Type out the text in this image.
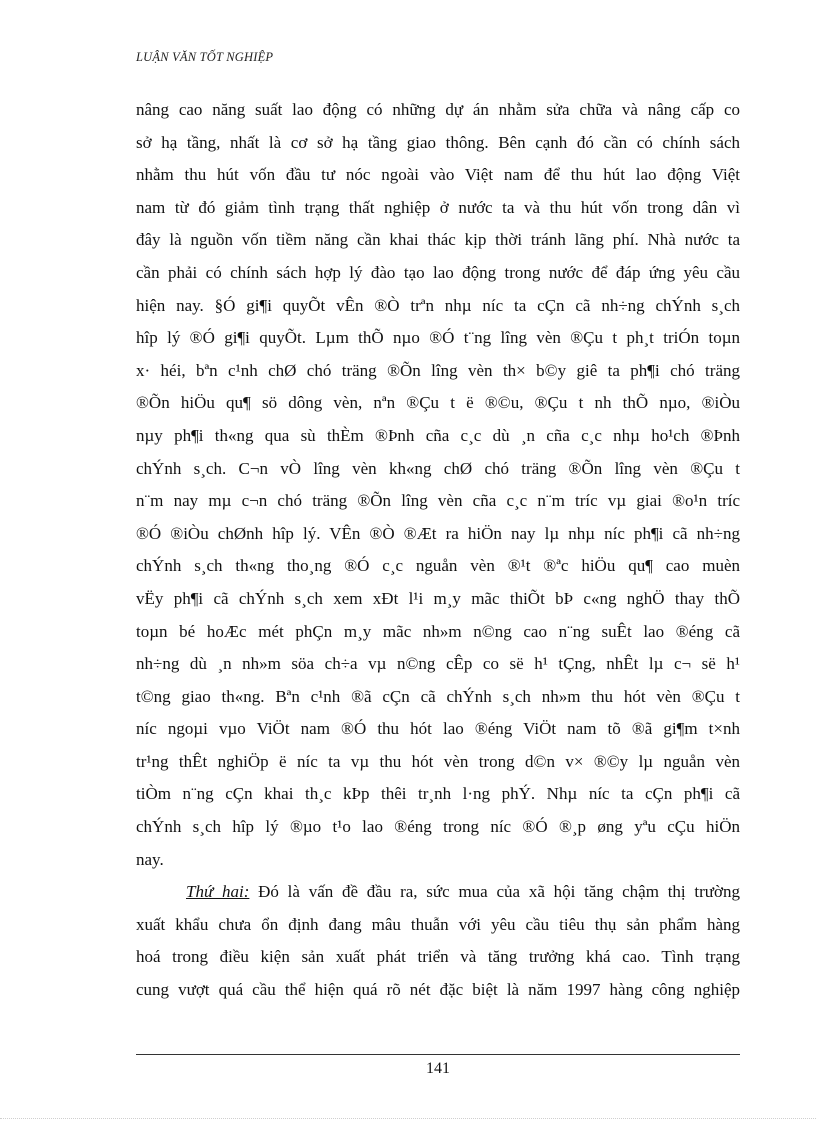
LUẬN VĂN TỐT NGHIỆP
nâng cao năng suất lao động có những dự án nhằm sửa chữa và nâng cấp co
sở hạ tầng, nhất là cơ sở hạ tầng giao thông. Bên cạnh đó cần có chính sách
nhằm thu hút vốn đầu tư nóc ngoài vào Việt nam để thu hút lao động Việt
nam từ đó giảm tình trạng thất nghiệp ở nước ta và thu hút vốn trong dân vì
đây là nguồn vốn tiềm năng cần khai thác kịp thời tránh lãng phí. Nhà nước ta
cần phải có chính sách hợp lý đào tạo lao động trong nước để đáp ứng yêu cầu
hiện nay. §Ó gi¶i quyÕt vÊn ®Ò trªn nhµ níc ta cÇn cã nh÷ng chÝnh s¸ch
hîp lý ®Ó gi¶i quyÕt. Lµm thÕ nµo ®Ó t¨ng lîng vèn ®Çu t ph¸t triÓn toµn
x· héi, bªn c¹nh chØ chó träng ®Õn lîng vèn th× b©y giê ta ph¶i chó träng
®Õn hiÖu qu¶ sö dông vèn, nªn ®Çu t ë ®©u, ®Çu t nh thÕ nµo, ®iÒu
nµy ph¶i th«ng qua sù thÈm ®Þnh cña c¸c dù ¸n cña c¸c nhµ ho¹ch ®Þnh
chÝnh s¸ch. C¬n vÒ lîng vèn kh«ng chØ chó träng ®Õn lîng vèn ®Çu t
n¨m nay mµ c¬n chó träng ®Õn lîng vèn cña c¸c n¨m tríc vµ giai ®o¹n tríc
®Ó ®iÒu chØnh hîp lý. VÊn ®Ò ®Æt ra hiÖn nay lµ nhµ níc ph¶i cã nh÷ng
chÝnh s¸ch th«ng tho¸ng ®Ó c¸c nguån vèn ®¹t ®ªc hiÖu qu¶ cao muèn
vËy ph¶i cã chÝnh s¸ch xem xÐt l¹i m¸y mãc thiÕt bÞ c«ng nghÖ thay thÕ
toµn bé hoÆc mét phÇn m¸y mãc nh»m n©ng cao n¨ng suÊt lao ®éng cã
nh÷ng dù ¸n nh»m söa ch÷a vµ n©ng cÊp co së h¹ tÇng, nhÊt lµ c¬ së h¹
t©ng giao th«ng. Bªn c¹nh ®ã cÇn cã chÝnh s¸ch nh»m thu hót vèn ®Çu t
níc ngoµi vµo ViÖt nam ®Ó thu hót lao ®éng ViÖt nam tõ ®ã gi¶m t×nh
tr¹ng thÊt nghiÖp ë níc ta vµ thu hót vèn trong d©n v× ®©y lµ nguån vèn
tiÒm n¨ng cÇn khai th¸c kÞp thêi tr¸nh l·ng phÝ. Nhµ níc ta cÇn ph¶i cã
chÝnh s¸ch hîp lý ®µo t¹o lao ®éng trong níc ®Ó ®¸p øng yªu cÇu hiÖn
nay.
Thứ hai: Đó là vấn đề đầu ra, sức mua của xã hội tăng chậm thị trường
xuất khẩu chưa ổn định đang mâu thuẫn với yêu cầu tiêu thụ sản phẩm hàng
hoá trong điều kiện sản xuất phát triển và tăng trưởng khá cao. Tình trạng
cung vượt quá cầu thể hiện quá rõ nét đặc biệt là năm 1997 hàng công nghiệp
141
